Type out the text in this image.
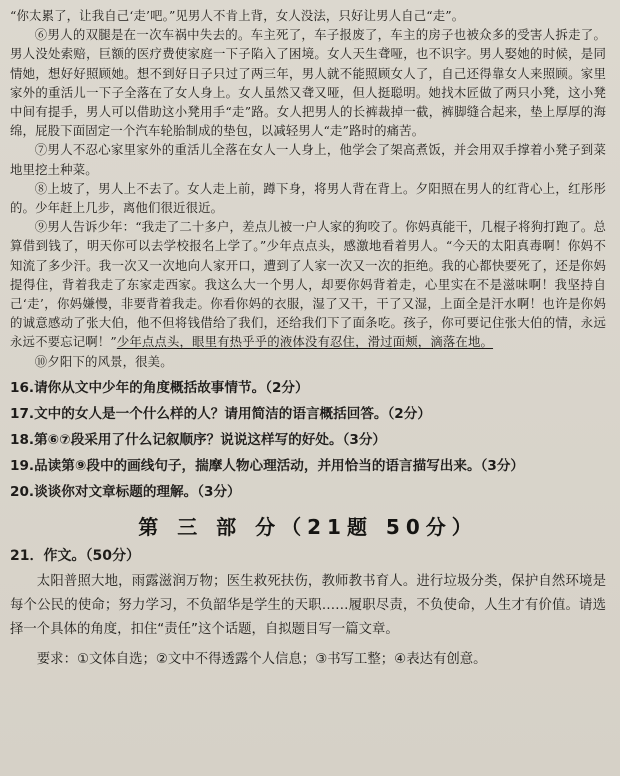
“你太累了，让我自己‘走’吧。”见男人不肯上背，女人没法，只好让男人自己“走”。

⑥男人的双腿是在一次车祸中失去的。车主死了，车子报废了，车主的房子也被众多的受害人拆走了。男人没处索赔，巨额的医疗费使家庭一下子陷入了困境。女人天生聋哑，也不识字。男人娶她的时候，是同情她，想好好照顾她。想不到好日子只过了两三年，男人就不能照顾女人了，自己还得靠女人来照顾。家里家外的重活儿一下子全落在了女人身上。女人虽然又聋又哑，但人挺聪明。她找木匠做了两只小凳，这小凳中间有提手，男人可以借助这小凳用手“走”路。女人把男人的长裤裁掉一截，裤脚缝合起来，垫上厚厚的海绵，屁股下面固定一个汽车轮胎制成的垫包，以减轻男人“走”路时的痛苦。

⑦男人不忍心家里家外的重活儿全落在女人一人身上，他学会了架高煮饭，并会用双手撑着小凳子到菜地里挖土种菜。

⑧上坡了，男人上不去了。女人走上前，蹲下身，将男人背在背上。夕阳照在男人的红背心上，红彤彤的。少年赶上几步，离他们很近很近。

⑨男人告诉少年：“我走了二十多户，差点儿被一户人家的狗咬了。你妈真能干，几棍子将狗打跑了。总算借到钱了，明天你可以去学校报名上学了。”少年点点头，感激地看着男人。“今天的太阳真毒啊！你妈不知流了多少汗。我一次又一次地向人家开口，遭到了人家一次又一次的拒绝。我的心都快要死了，还是你妈提得住，背着我走了东家走西家。我这么大一个男人，却要你妈背着走，心里实在不是滋味啊！我坚持自己‘走’，你妈嫌慢，非要背着我走。你看你妈的衣服，湿了又干，干了又湿，上面全是汗水啊！也许是你妈的诚意感动了张大伯，他不但将钱借给了我们，还给我们下了面条吃。孩子，你可要记住张大伯的情，永远永远不要忘记啊！”少年点点头，眼里有热乎乎的液体没有忍住，滑过面颊，滴落在地。

⑩夕阳下的风景，很美。

16.请你从文中少年的角度概括故事情节。（2分）

17.文中的女人是一个什么样的人？请用简洁的语言概括回答。（2分）

18.第⑥⑦段采用了什么记叙顺序？说说这样写的好处。（3分）

19.品读第⑨段中的画线句子，揣摩人物心理活动，并用恰当的语言描写出来。（3分）

20.谈谈你对文章标题的理解。（3分）

第 三 部 分（21题 50分）

21．作文。（50分）

太阳普照大地，雨露滋润万物；医生救死扶伤，教师教书育人。进行垃圾分类，保护自然环境是每个公民的使命；努力学习，不负韶华是学生的天职……履职尽责，不负使命，人生才有价值。请选择一个具体的角度，扣住“责任”这个话题，自拟题目写一篇文章。

要求：①文体自选；②文中不得透露个人信息；③书写工整；④表达有创意。
